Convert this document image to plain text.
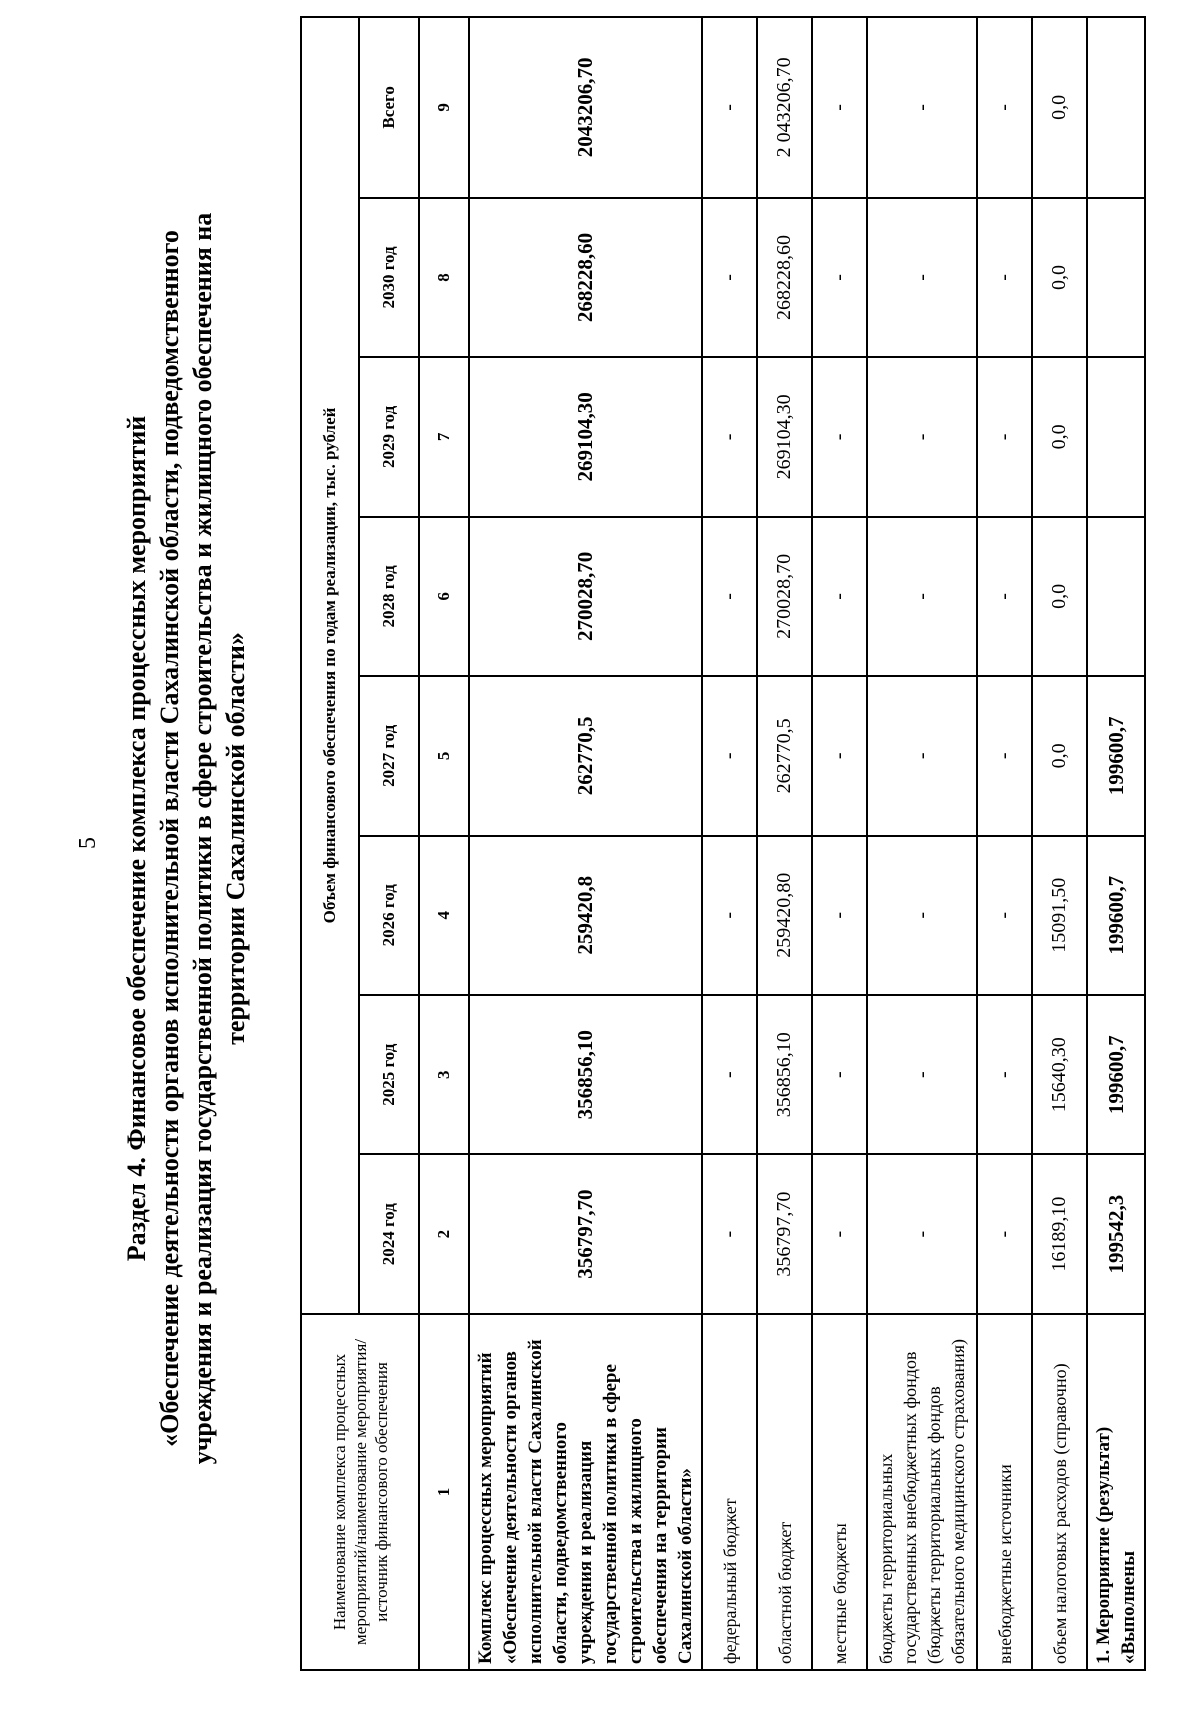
5 Раздел 4. Финансовое обеспечение комплекса процессных мероприятий «Обеспечение деятельности органов исполнительной власти Сахалинской области, подведомственного учреждения и реализация государственной политики в сфере строительства и жилищного обеспечения на территории Сахалинской области»
Наименование комплекса процессных мероприятий/наименование мероприятия/источник финансового обеспечения	Объем финансового обеспечения по годам реализации, тыс. рублей							
	2024 год	2025 год	2026 год	2027 год	2028 год	2029 год	2030 год	Всего
1	2	3	4	5	6	7	8	9
Комплекс процессных мероприятий «Обеспечение деятельности органов исполнительной власти Сахалинской области, подведомственного учреждения и реализация государственной политики в сфере строительства и жилищного обеспечения на территории Сахалинской области»	356797,70	356856,10	259420,8	262770,5	270028,70	269104,30	268228,60	2043206,70
федеральный бюджет	-	-	-	-	-	-	-	-
областной бюджет	356797,70	356856,10	259420,80	262770,5	270028,70	269104,30	268228,60	2 043206,70
местные бюджеты	-	-	-	-	-	-	-	-
бюджеты территориальных государственных внебюджетных фондов (бюджеты территориальных фондов обязательного медицинского страхования)	-	-	-	-	-	-	-	-
внебюджетные источники	-	-	-	-	-	-	-	-
объем налоговых расходов (справочно)	16189,10	15640,30	15091,50	0,0	0,0	0,0	0,0	0,0
1. Мероприятие (результат) «Выполнены	199542,3	199600,7	199600,7	199600,7				
